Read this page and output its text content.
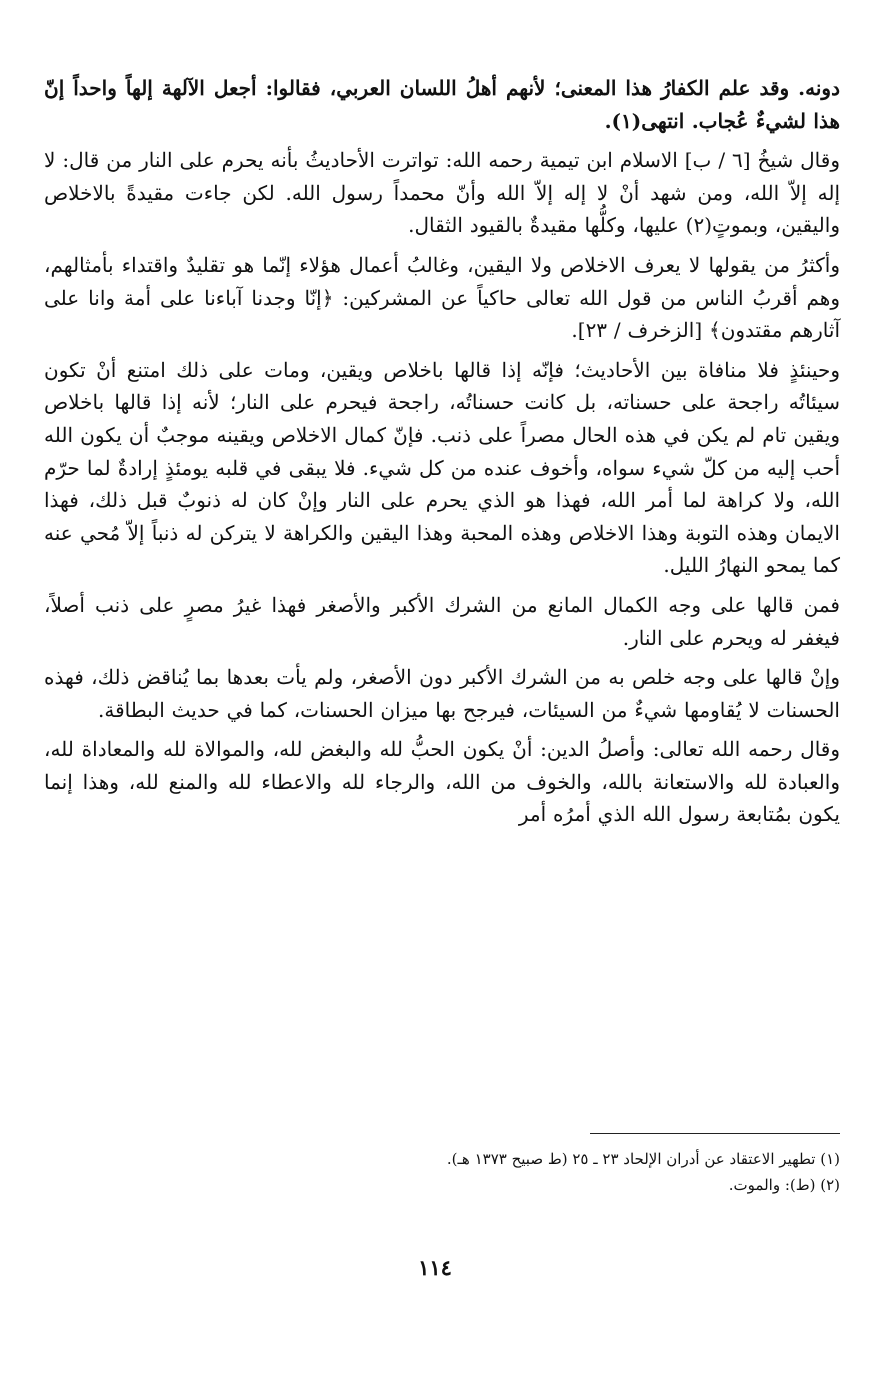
دونه. وقد علم الكفارُ هذا المعنى؛ لأنهم أهلُ اللسان العربي، فقالوا: أجعل الآلهة إلهاً واحداً إنّ هذا لشيءٌ عُجاب. انتهى(١).

وقال شيخُ [٦ / ب] الاسلام ابن تيمية رحمه الله: تواترت الأحاديثُ بأنه يحرم على النار من قال: لا إله إلاّ الله، ومن شهد أنْ لا إله إلاّ الله وأنّ محمداً رسول الله. لكن جاءت مقيدةً بالاخلاص واليقين، وبموتٍ(٢) عليها، وكلُّها مقيدةٌ بالقيود الثقال.

وأكثرُ من يقولها لا يعرف الاخلاص ولا اليقين، وغالبُ أعمال هؤلاء إنّما هو تقليدٌ واقتداء بأمثالهم، وهم أقربُ الناس من قول الله تعالى حاكياً عن المشركين: ﴿إنّا وجدنا آباءنا على أمة وانا على آثارهم مقتدون﴾ [الزخرف / ٢٣].

وحينئذٍ فلا منافاة بين الأحاديث؛ فإنّه إذا قالها باخلاص ويقين، ومات على ذلك امتنع أنْ تكون سيئاتُه راجحة على حسناته، بل كانت حسناتُه، راجحة فيحرم على النار؛ لأنه إذا قالها باخلاص ويقين تام لم يكن في هذه الحال مصراً على ذنب. فإنّ كمال الاخلاص ويقينه موجبٌ أن يكون الله أحب إليه من كلّ شيء سواه، وأخوف عنده من كل شيء. فلا يبقى في قلبه يومئذٍ إرادةٌ لما حرّم الله، ولا كراهة لما أمر الله، فهذا هو الذي يحرم على النار وإنْ كان له ذنوبٌ قبل ذلك، فهذا الايمان وهذه التوبة وهذا الاخلاص وهذه المحبة وهذا اليقين والكراهة لا يتركن له ذنباً إلاّ مُحي عنه كما يمحو النهارُ الليل.

فمن قالها على وجه الكمال المانع من الشرك الأكبر والأصغر فهذا غيرُ مصرٍ على ذنب أصلاً، فيغفر له ويحرم على النار.

وإنْ قالها على وجه خلص به من الشرك الأكبر دون الأصغر، ولم يأت بعدها بما يُناقض ذلك، فهذه الحسنات لا يُقاومها شيءٌ من السيئات، فيرجح بها ميزان الحسنات، كما في حديث البطاقة.

وقال رحمه الله تعالى: وأصلُ الدين: أنْ يكون الحبُّ لله والبغض لله، والموالاة لله والمعاداة لله، والعبادة لله والاستعانة بالله، والخوف من الله، والرجاء لله والاعطاء لله والمنع لله، وهذا إنما يكون بمُتابعة رسول الله الذي أمرُه أمر

(١) تطهير الاعتقاد عن أدران الإلحاد ٢٣ ـ ٢٥ (ط صبيح ١٣٧٣ هـ).

(٢) (ط): والموت.

١١٤
